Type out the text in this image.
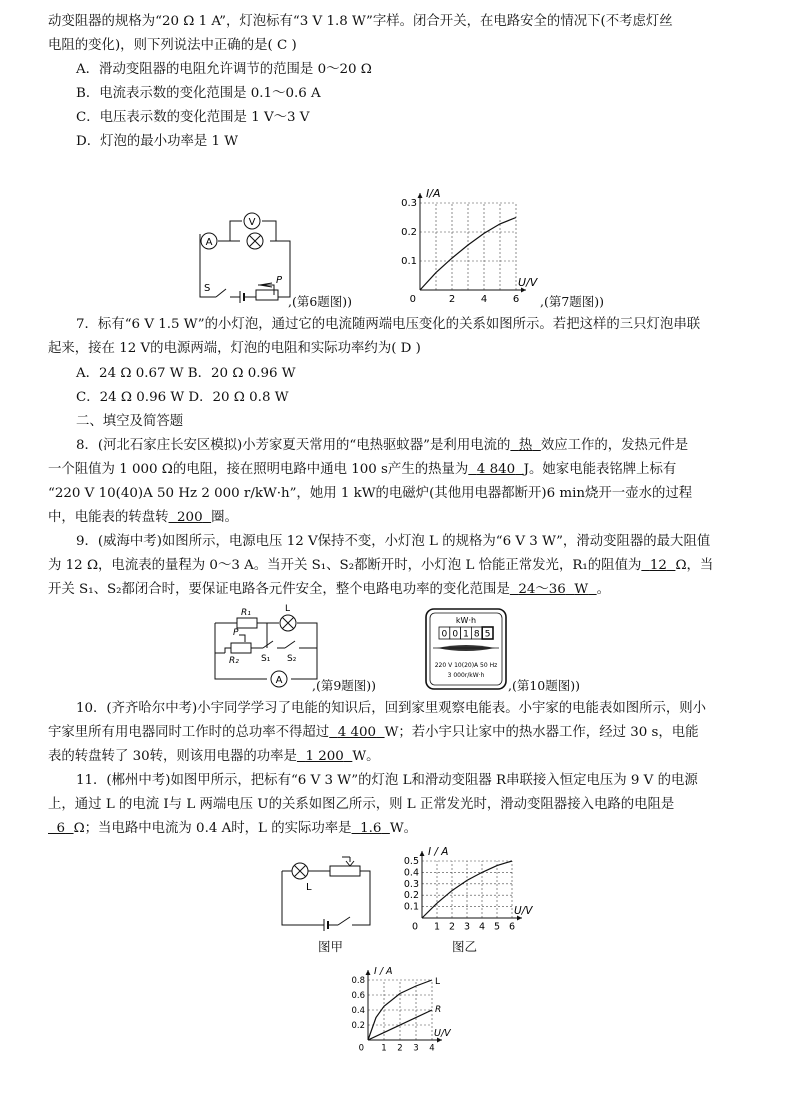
动变阻器的规格为“20 Ω 1 A”，灯泡标有“3 V 1.8 W”字样。闭合开关，在电路安全的情况下(不考虑灯丝
电阻的变化)，则下列说法中正确的是( C )
A．滑动变阻器的电阻允许调节的范围是 0～20 Ω
B．电流表示数的变化范围是 0.1～0.6 A
C．电压表示数的变化范围是 1 V～3 V
D．灯泡的最小功率是 1 W
A
V
S
P
,(第6题图))
0.3
0.2
0.1
2	4	6
0
I/A
U/V
,(第7题图))
7．标有“6 V 1.5 W”的小灯泡，通过它的电流随两端电压变化的关系如图所示。若把这样的三只灯泡串联
起来，接在 12 V的电源两端，灯泡的电阻和实际功率约为( D )
A．24 Ω 0.67 W B．20 Ω 0.96 W
C．24 Ω 0.96 W D．20 Ω 0.8 W
二、填空及简答题
8．(河北石家庄长安区模拟)小芳家夏天常用的“电热驱蚊器”是利用电流的 热 效应工作的，发热元件是
一个阻值为 1 000 Ω的电阻，接在照明电路中通电 100 s产生的热量为 4 840 J。她家电能表铭牌上标有
“220 V 10(40)A 50 Hz 2 000 r/kW·h”，她用 1 kW的电磁炉(其他用电器都断开)6 min烧开一壶水的过程
中，电能表的转盘转 200 圈。
9．(威海中考)如图所示，电源电压 12 V保持不变，小灯泡 L 的规格为“6 V 3 W”，滑动变阻器的最大阻值
为 12 Ω，电流表的量程为 0～3 A。当开关 S₁、S₂都断开时，小灯泡 L 恰能正常发光，R₁的阻值为 12 Ω，当
开关 S₁、S₂都闭合时，要保证电路各元件安全，整个电路电功率的变化范围是 24～36 W 。
A
R₁	L
P
R₂ S₁ S₂
,(第9题图))
kW·h
0 0 1 8 5
220 V 10(20)A 50 Hz
3 000r/kW·h
,(第10题图))
10．(齐齐哈尔中考)小宇同学学习了电能的知识后，回到家里观察电能表。小宇家的电能表如图所示，则小
宇家里所有用电器同时工作时的总功率不得超过 4 400 W；若小宇只让家中的热水器工作，经过 30 s，电能
表的转盘转了 30转，则该用电器的功率是 1 200 W。
11．(郴州中考)如图甲所示，把标有“6 V 3 W”的灯泡 L和滑动变阻器 R串联接入恒定电压为 9 V 的电源
上，通过 L 的电流 I与 L 两端电压 U的关系如图乙所示，则 L 正常发光时，滑动变阻器接入电路的电阻是
6 Ω；当电路中电流为 0.4 A时，L 的实际功率是 1.6 W。
L
图甲
0.5
0.4
0.3
0.2
0.1
1 2 3 4 5 6
0
I / A
U/V
图乙
0.8
0.6
0.4
0.2
1 2 3 4
0
I / A
U/V
L
R
